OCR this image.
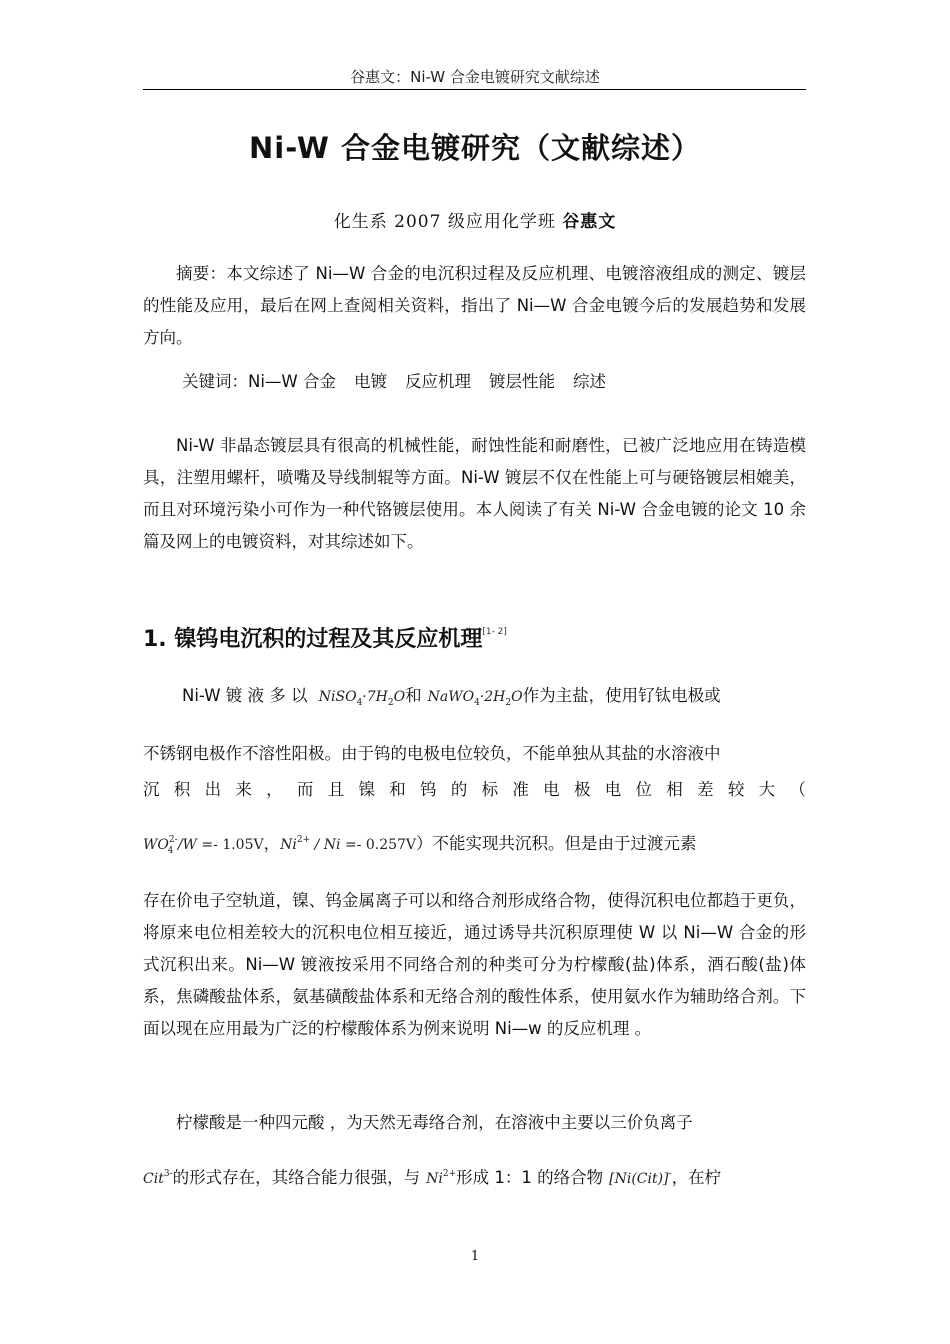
谷惠文：Ni-W 合金电镀研究文献综述
Ni-W 合金电镀研究（文献综述）
化生系 2007 级应用化学班 谷惠文
摘要：本文综述了 Ni—W 合金的电沉积过程及反应机理、电镀溶液组成的测定、镀层的性能及应用，最后在网上查阅相关资料，指出了 Ni—W 合金电镀今后的发展趋势和发展方向。
关键词：Ni—W 合金 电镀 反应机理 镀层性能 综述
Ni-W 非晶态镀层具有很高的机械性能，耐蚀性能和耐磨性，已被广泛地应用在铸造模具，注塑用螺杆，喷嘴及导线制辊等方面。Ni-W 镀层不仅在性能上可与硬铬镀层相媲美，而且对环境污染小可作为一种代铬镀层使用。本人阅读了有关 Ni-W 合金电镀的论文 10 余篇及网上的电镀资料，对其综述如下。
1. 镍钨电沉积的过程及其反应机理[1- 2]
Ni-W 镀 液 多 以 $NiSO_4\cdot 7H_2O$和 $NaWO_4\cdot 2H_2O$作为主盐，使用钌钛电极或
不锈钢电极作不溶性阳极。由于钨的电极电位较负，不能单独从其盐的水溶液中
沉 积 出 来 ， 而 且 镍 和 钨 的 标 准 电 极 电 位 相 差 较 大 （
$WO^{2-}_4$ /W =- 1.05V，$Ni^{2+} / Ni =- 0.257V$）不能实现共沉积。但是由于过渡元素
存在价电子空轨道，镍、钨金属离子可以和络合剂形成络合物，使得沉积电位都趋于更负，将原来电位相差较大的沉积电位相互接近，通过诱导共沉积原理使 W 以 Ni—W 合金的形式沉积出来。Ni—W 镀液按采用不同络合剂的种类可分为柠檬酸(盐)体系，酒石酸(盐)体系，焦磷酸盐体系，氨基磺酸盐体系和无络合剂的酸性体系，使用氨水作为辅助络合剂。下面以现在应用最为广泛的柠檬酸体系为例来说明 Ni—w 的反应机理 。
柠檬酸是一种四元酸 ，为天然无毒络合剂，在溶液中主要以三价负离子
Cit$^{3-}$的形式存在，其络合能力很强，与 $Ni^{2+}$形成 1：1 的络合物 [Ni(Cit)]-，在柠
1
